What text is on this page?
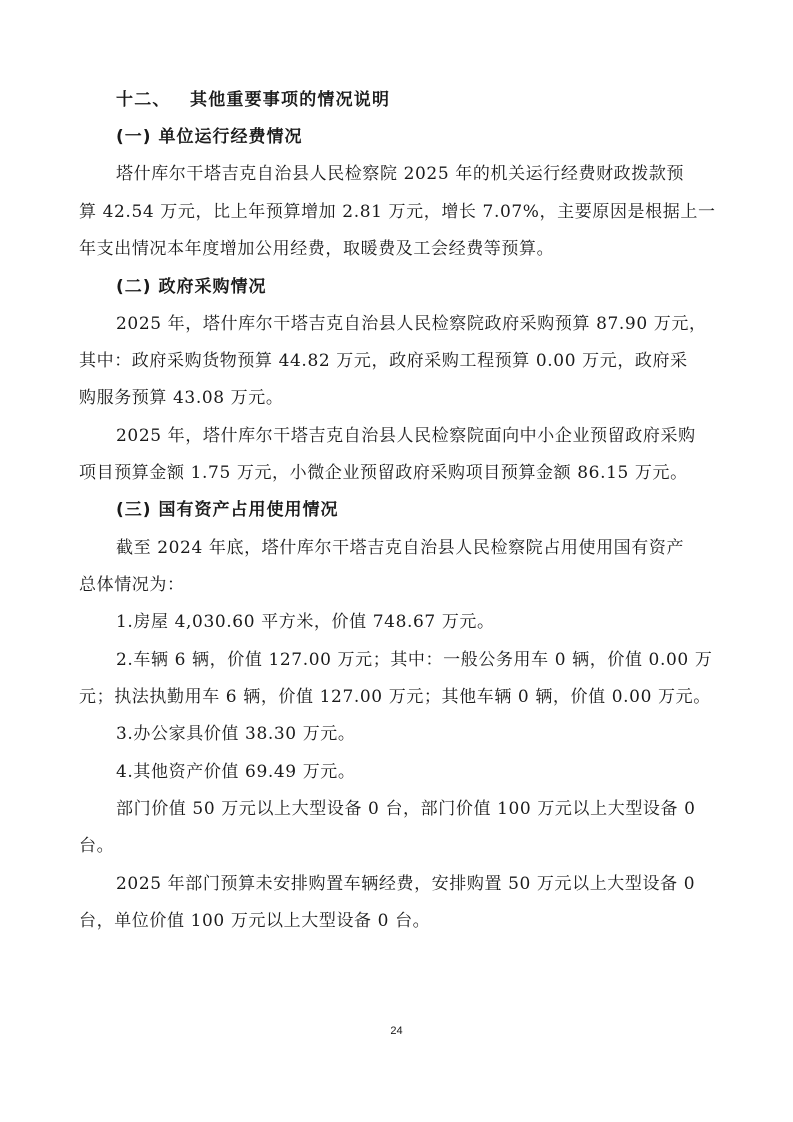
十二、 其他重要事项的情况说明
(一) 单位运行经费情况
塔什库尔干塔吉克自治县人民检察院 2025 年的机关运行经费财政拨款预
算 42.54 万元，比上年预算增加 2.81 万元，增长 7.07%，主要原因是根据上一
年支出情况本年度增加公用经费，取暖费及工会经费等预算。
(二) 政府采购情况
2025 年，塔什库尔干塔吉克自治县人民检察院政府采购预算 87.90 万元，
其中：政府采购货物预算 44.82 万元，政府采购工程预算 0.00 万元，政府采
购服务预算 43.08 万元。
2025 年，塔什库尔干塔吉克自治县人民检察院面向中小企业预留政府采购
项目预算金额 1.75 万元，小微企业预留政府采购项目预算金额 86.15 万元。
(三) 国有资产占用使用情况
截至 2024 年底，塔什库尔干塔吉克自治县人民检察院占用使用国有资产
总体情况为：
1.房屋 4,030.60 平方米，价值 748.67 万元。
2.车辆 6 辆，价值 127.00 万元；其中：一般公务用车 0 辆，价值 0.00 万
元；执法执勤用车 6 辆，价值 127.00 万元；其他车辆 0 辆，价值 0.00 万元。
3.办公家具价值 38.30 万元。
4.其他资产价值 69.49 万元。
部门价值 50 万元以上大型设备 0 台，部门价值 100 万元以上大型设备 0
台。
2025 年部门预算未安排购置车辆经费，安排购置 50 万元以上大型设备 0
台，单位价值 100 万元以上大型设备 0 台。
24
